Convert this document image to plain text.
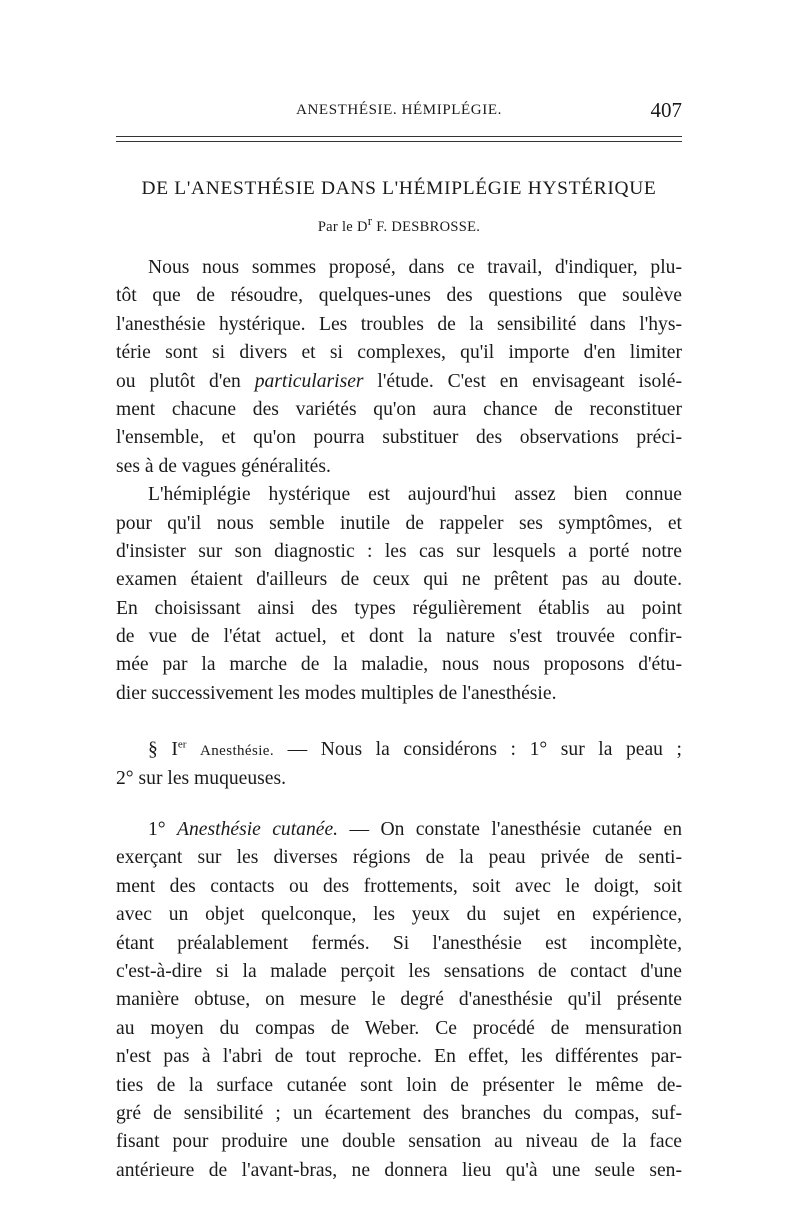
ANESTHÉSIE. HÉMIPLÉGIE.	407
DE L'ANESTHÉSIE DANS L'HÉMIPLÉGIE HYSTÉRIQUE
Par le $D^r$ F. DESBROSSE.
Nous nous sommes proposé, dans ce travail, d'indiquer, plu-
tôt que de résoudre, quelques-unes des questions que soulève
l'anesthésie hystérique. Les troubles de la sensibilité dans l'hys-
térie sont si divers et si complexes, qu'il importe d'en limiter
ou plutôt d'en particulariser l'étude. C'est en envisageant isolé-
ment chacune des variétés qu'on aura chance de reconstituer
l'ensemble, et qu'on pourra substituer des observations préci-
ses à de vagues généralités.
L'hémiplégie hystérique est aujourd'hui assez bien connue
pour qu'il nous semble inutile de rappeler ses symptômes, et
d'insister sur son diagnostic : les cas sur lesquels a porté notre
examen étaient d'ailleurs de ceux qui ne prêtent pas au doute.
En choisissant ainsi des types régulièrement établis au point
de vue de l'état actuel, et dont la nature s'est trouvée confir-
mée par la marche de la maladie, nous nous proposons d'étu-
dier successivement les modes multiples de l'anesthésie.
§ Ier Anesthésie. — Nous la considérons : 1° sur la peau ;
2° sur les muqueuses.
1° Anesthésie cutanée. — On constate l'anesthésie cutanée en
exerçant sur les diverses régions de la peau privée de senti-
ment des contacts ou des frottements, soit avec le doigt, soit
avec un objet quelconque, les yeux du sujet en expérience,
étant préalablement fermés. Si l'anesthésie est incomplète,
c'est-à-dire si la malade perçoit les sensations de contact d'une
manière obtuse, on mesure le degré d'anesthésie qu'il présente
au moyen du compas de Weber. Ce procédé de mensuration
n'est pas à l'abri de tout reproche. En effet, les différentes par-
ties de la surface cutanée sont loin de présenter le même de-
gré de sensibilité ; un écartement des branches du compas, suf-
fisant pour produire une double sensation au niveau de la face
antérieure de l'avant-bras, ne donnera lieu qu'à une seule sen-
